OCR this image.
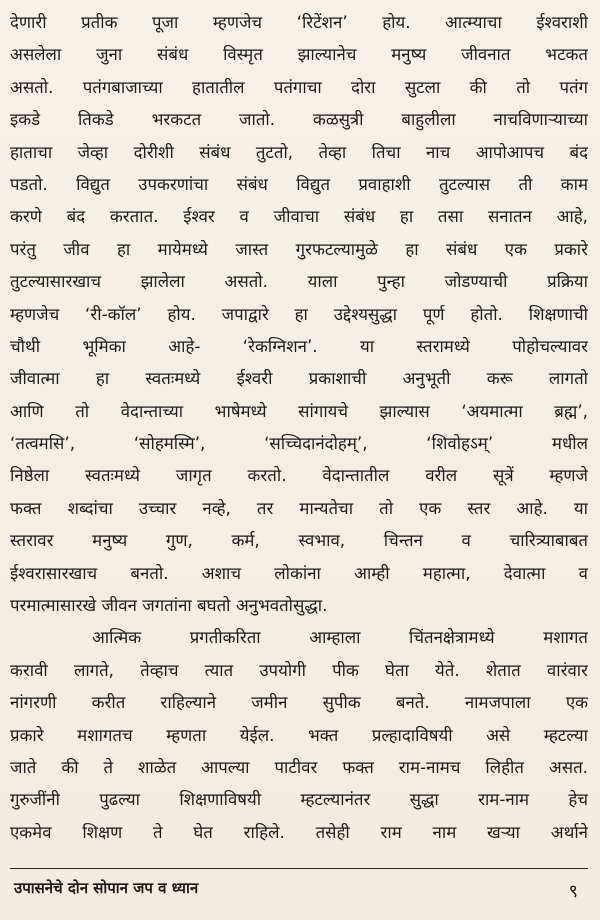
देणारी प्रतीक पूजा म्हणजेच ‘रिटेंशन’ होय. आत्म्याचा ईश्वराशी
असलेला जुना संबंध विस्मृत झाल्यानेच मनुष्य जीवनात भटकत
असतो. पतंगबाजाच्या हातातील पतंगाचा दोरा सुटला की तो पतंग
इकडे तिकडे भरकटत जातो. कळसुत्री बाहुलीला नाचविणाऱ्याच्या
हाताचा जेव्हा दोरीशी संबंध तुटतो, तेव्हा तिचा नाच आपोआपच बंद
पडतो. विद्युत उपकरणांचा संबंध विद्युत प्रवाहाशी तुटल्यास ती काम
करणे बंद करतात. ईश्वर व जीवाचा संबंध हा तसा सनातन आहे,
परंतु जीव हा मायेमध्ये जास्त गुरफटल्यामुळे हा संबंध एक प्रकारे
तुटल्यासारखाच झालेला असतो. याला पुन्हा जोडण्याची प्रक्रिया
म्हणजेच ‘री-कॉल’ होय. जपाद्वारे हा उद्देश्यसुद्धा पूर्ण होतो. शिक्षणाची
चौथी भूमिका आहे- ‘रेकग्निशन’. या स्तरामध्ये पोहोचल्यावर
जीवात्मा हा स्वतःमध्ये ईश्वरी प्रकाशाची अनुभूती करू लागतो
आणि तो वेदान्ताच्या भाषेमध्ये सांगायचे झाल्यास ‘अयमात्मा ब्रह्म’,
‘तत्वमसि’, ‘सोहमस्मि’, ‘सच्चिदानंदोहम्’, ‘शिवोहऽम्’ मधील
निष्ठेला स्वतःमध्ये जागृत करतो. वेदान्तातील वरील सूत्रें म्हणजे
फक्त शब्दांचा उच्चार नव्हे, तर मान्यतेचा तो एक स्तर आहे. या
स्तरावर मनुष्य गुण, कर्म, स्वभाव, चिन्तन व चारित्र्याबाबत
ईश्वरासारखाच बनतो. अशाच लोकांना आम्ही महात्मा, देवात्मा व
परमात्मासारखे जीवन जगतांना बघतो अनुभवतोसुद्धा.
आत्मिक प्रगतीकरिता आम्हाला चिंतनक्षेत्रामध्ये मशागत
करावी लागते, तेव्हाच त्यात उपयोगी पीक घेता येते. शेतात वारंवार
नांगरणी करीत राहिल्याने जमीन सुपीक बनते. नामजपाला एक
प्रकारे मशागतच म्हणता येईल. भक्त प्रल्हादाविषयी असे म्हटल्या
जाते की ते शाळेत आपल्या पाटीवर फक्त राम-नामच लिहीत असत.
गुरुजींनी पुढल्या शिक्षणाविषयी म्हटल्यानंतर सुद्धा राम-नाम हेच
एकमेव शिक्षण ते घेत राहिले. तसेही राम नाम खऱ्या अर्थाने
उपासनेचे दोन सोपान जप व ध्यान	९
